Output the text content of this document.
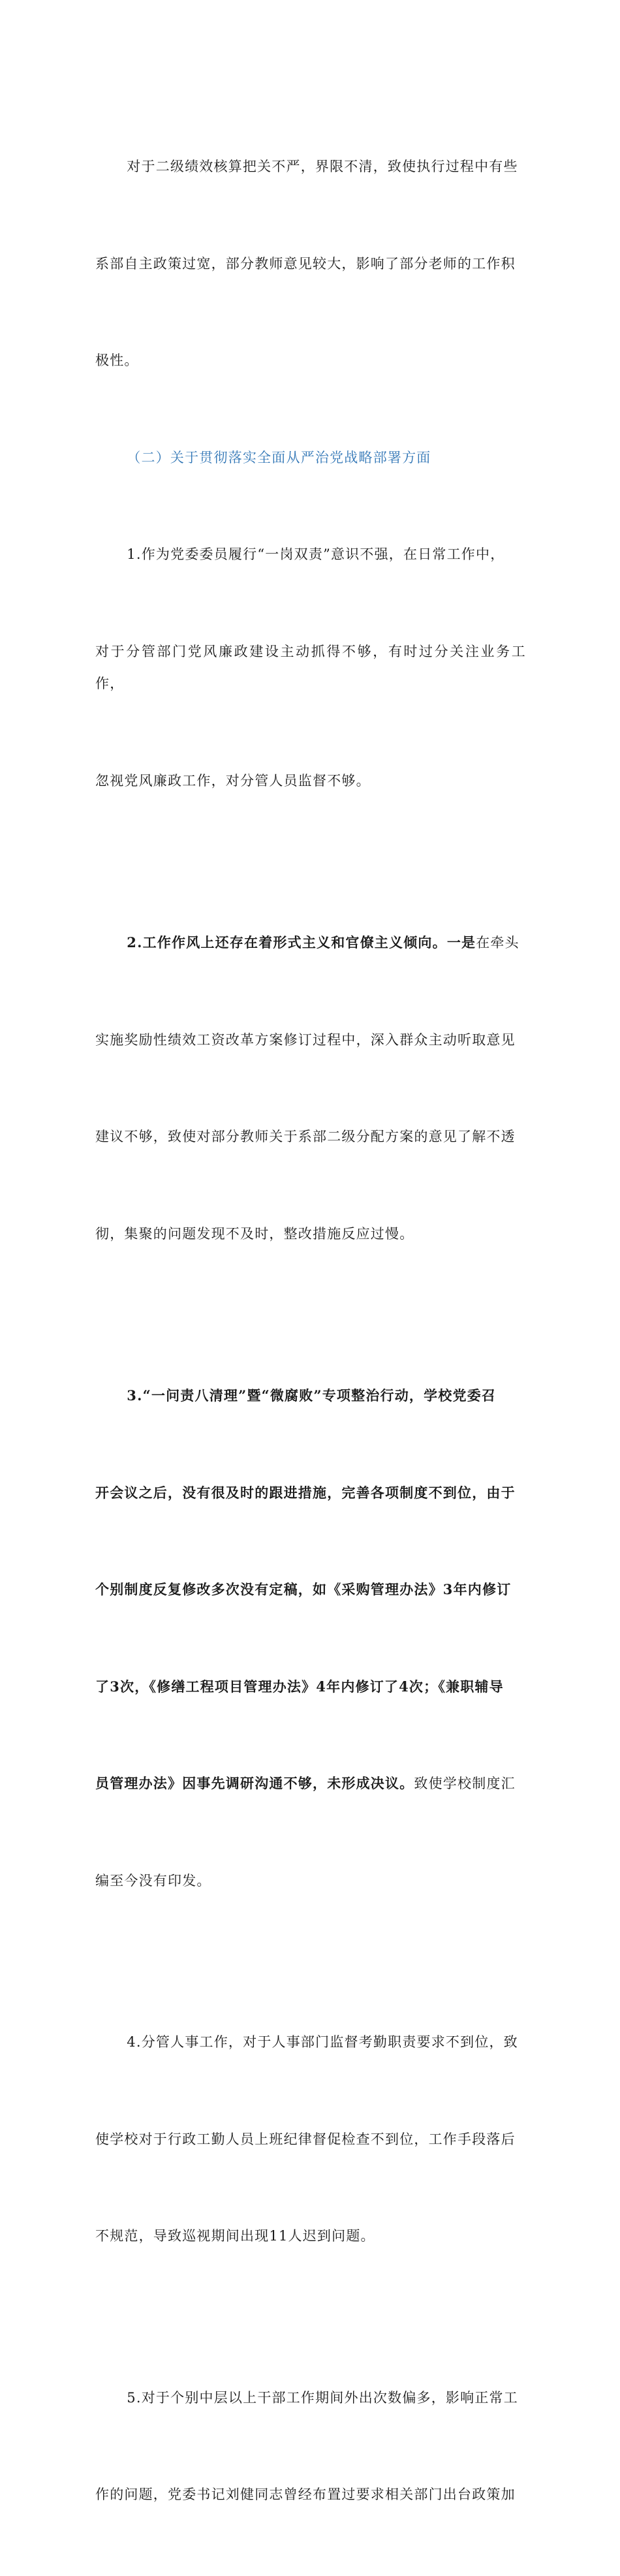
对于二级绩效核算把关不严，界限不清，致使执行过程中有些

系部自主政策过宽，部分教师意见较大，影响了部分老师的工作积

极性。

（二）关于贯彻落实全面从严治党战略部署方面

1.作为党委委员履行“一岗双责”意识不强，在日常工作中，

对于分管部门党风廉政建设主动抓得不够，有时过分关注业务工作，

忽视党风廉政工作，对分管人员监督不够。

2.工作作风上还存在着形式主义和官僚主义倾向。一是在牵头

实施奖励性绩效工资改革方案修订过程中，深入群众主动听取意见

建议不够，致使对部分教师关于系部二级分配方案的意见了解不透

彻，集聚的问题发现不及时，整改措施反应过慢。

3.“一问责八清理”暨“微腐败”专项整治行动，学校党委召

开会议之后，没有很及时的跟进措施，完善各项制度不到位，由于

个别制度反复修改多次没有定稿，如《采购管理办法》3年内修订

了3次，《修缮工程项目管理办法》4年内修订了4次；《兼职辅导

员管理办法》因事先调研沟通不够，未形成决议。致使学校制度汇

编至今没有印发。

4.分管人事工作，对于人事部门监督考勤职责要求不到位，致

使学校对于行政工勤人员上班纪律督促检查不到位，工作手段落后

不规范，导致巡视期间出现11人迟到问题。

5.对于个别中层以上干部工作期间外出次数偏多，影响正常工

作的问题，党委书记刘健同志曾经布置过要求相关部门出台政策加
